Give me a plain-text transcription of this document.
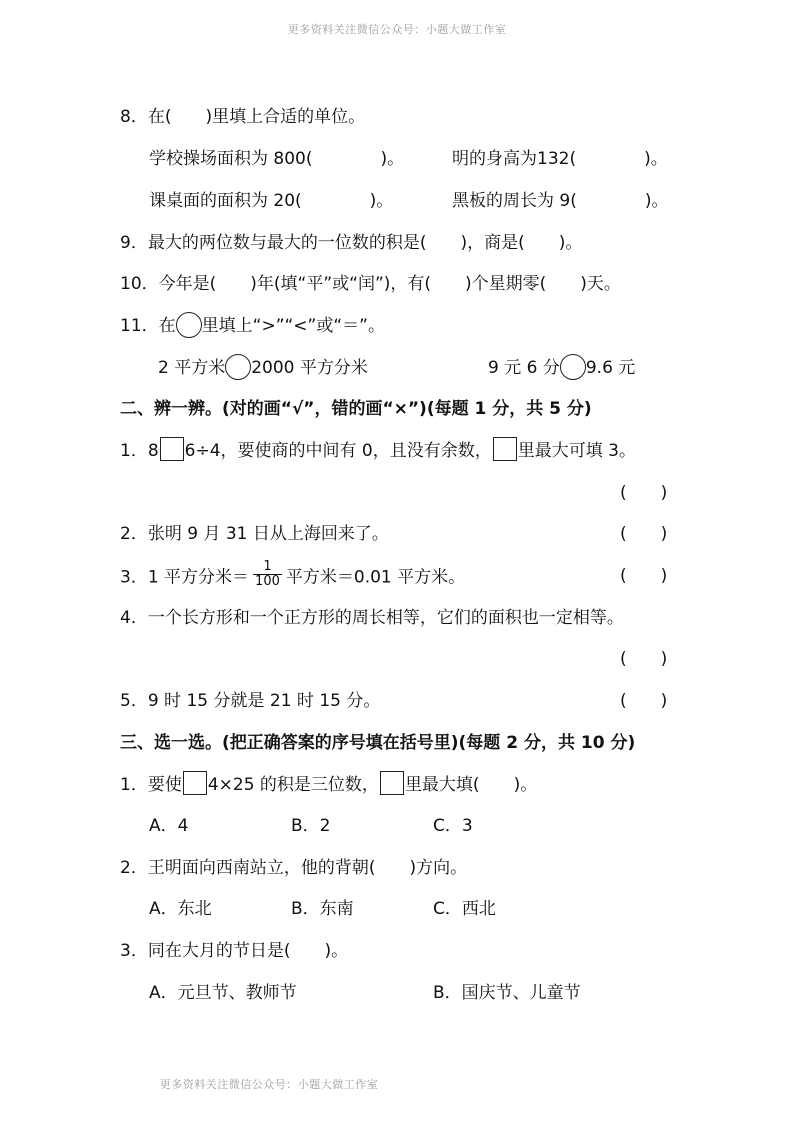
更多资料关注微信公众号：小题大做工作室
8．在(　　)里填上合适的单位。
学校操场面积为 800(　　　　)。	明的身高为132(　　　　)。
课桌面的面积为 20(　　　　)。	黑板的周长为 9(　　　　)。
9．最大的两位数与最大的一位数的积是(　　)，商是(　　)。
10．今年是(　　)年(填“平”或“闰”)，有(　　)个星期零(　　)天。
11．在 里填上“>”“<”或“＝”。
2 平方米 2000 平方分米	9 元 6 分 9.6 元
二、辨一辨。(对的画“√”，错的画“×”)(每题 1 分，共 5 分)
1．8 6÷4，要使商的中间有 0，且没有余数， 里最大可填 3。
(　　)
2．张明 9 月 31 日从上海回来了。	(　　)
3．1 平方分米＝ $\frac{1}{100}$ 平方米＝0.01 平方米。	(　　)
4．一个长方形和一个正方形的周长相等，它们的面积也一定相等。
(　　)
5．9 时 15 分就是 21 时 15 分。	(　　)
三、选一选。(把正确答案的序号填在括号里)(每题 2 分，共 10 分)
1．要使 4×25 的积是三位数， 里最大填(　　)。
A．4	B．2	C．3
2．王明面向西南站立，他的背朝(　　)方向。
A．东北	B．东南	C．西北
3．同在大月的节日是(　　)。
A．元旦节、教师节	B．国庆节、儿童节
更多资料关注微信公众号：小题大做工作室
